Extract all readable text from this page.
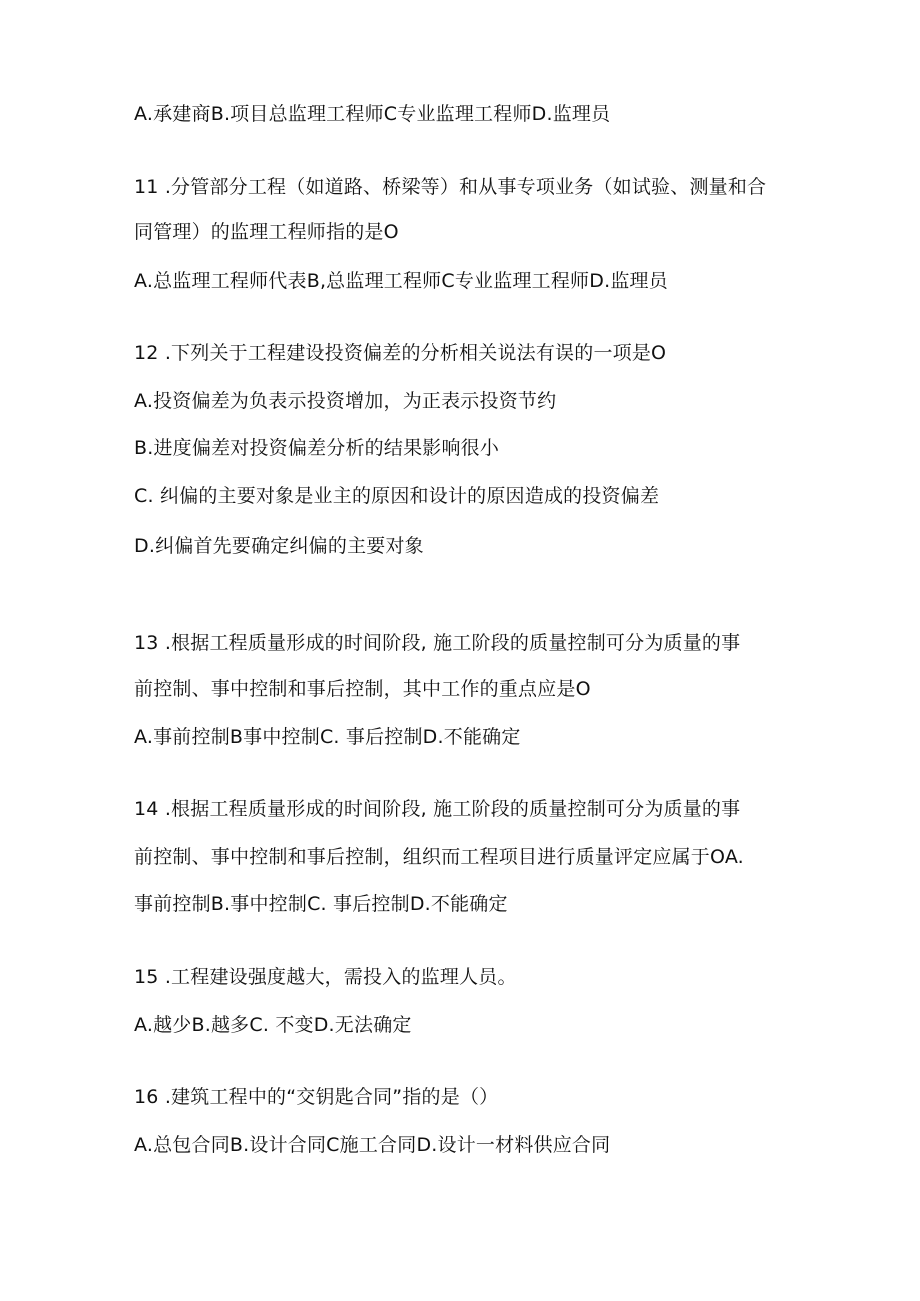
A.承建商B.项目总监理工程师C专业监理工程师D.监理员
11 .分管部分工程（如道路、桥梁等）和从事专项业务（如试验、测量和合
同管理）的监理工程师指的是O
A.总监理工程师代表B,总监理工程师C专业监理工程师D.监理员
12 .下列关于工程建设投资偏差的分析相关说法有误的一项是O
A.投资偏差为负表示投资增加，为正表示投资节约
B.进度偏差对投资偏差分析的结果影响很小
C. 纠偏的主要对象是业主的原因和设计的原因造成的投资偏差
D.纠偏首先要确定纠偏的主要对象
13 .根据工程质量形成的时间阶段, 施工阶段的质量控制可分为质量的事
前控制、事中控制和事后控制，其中工作的重点应是O
A.事前控制B事中控制C. 事后控制D.不能确定
14 .根据工程质量形成的时间阶段, 施工阶段的质量控制可分为质量的事
前控制、事中控制和事后控制，组织而工程项目进行质量评定应属于OA.
事前控制B.事中控制C. 事后控制D.不能确定
15 .工程建设强度越大，需投入的监理人员。
A.越少B.越多C. 不变D.无法确定
16 .建筑工程中的“交钥匙合同”指的是（）
A.总包合同B.设计合同C施工合同D.设计一材料供应合同
